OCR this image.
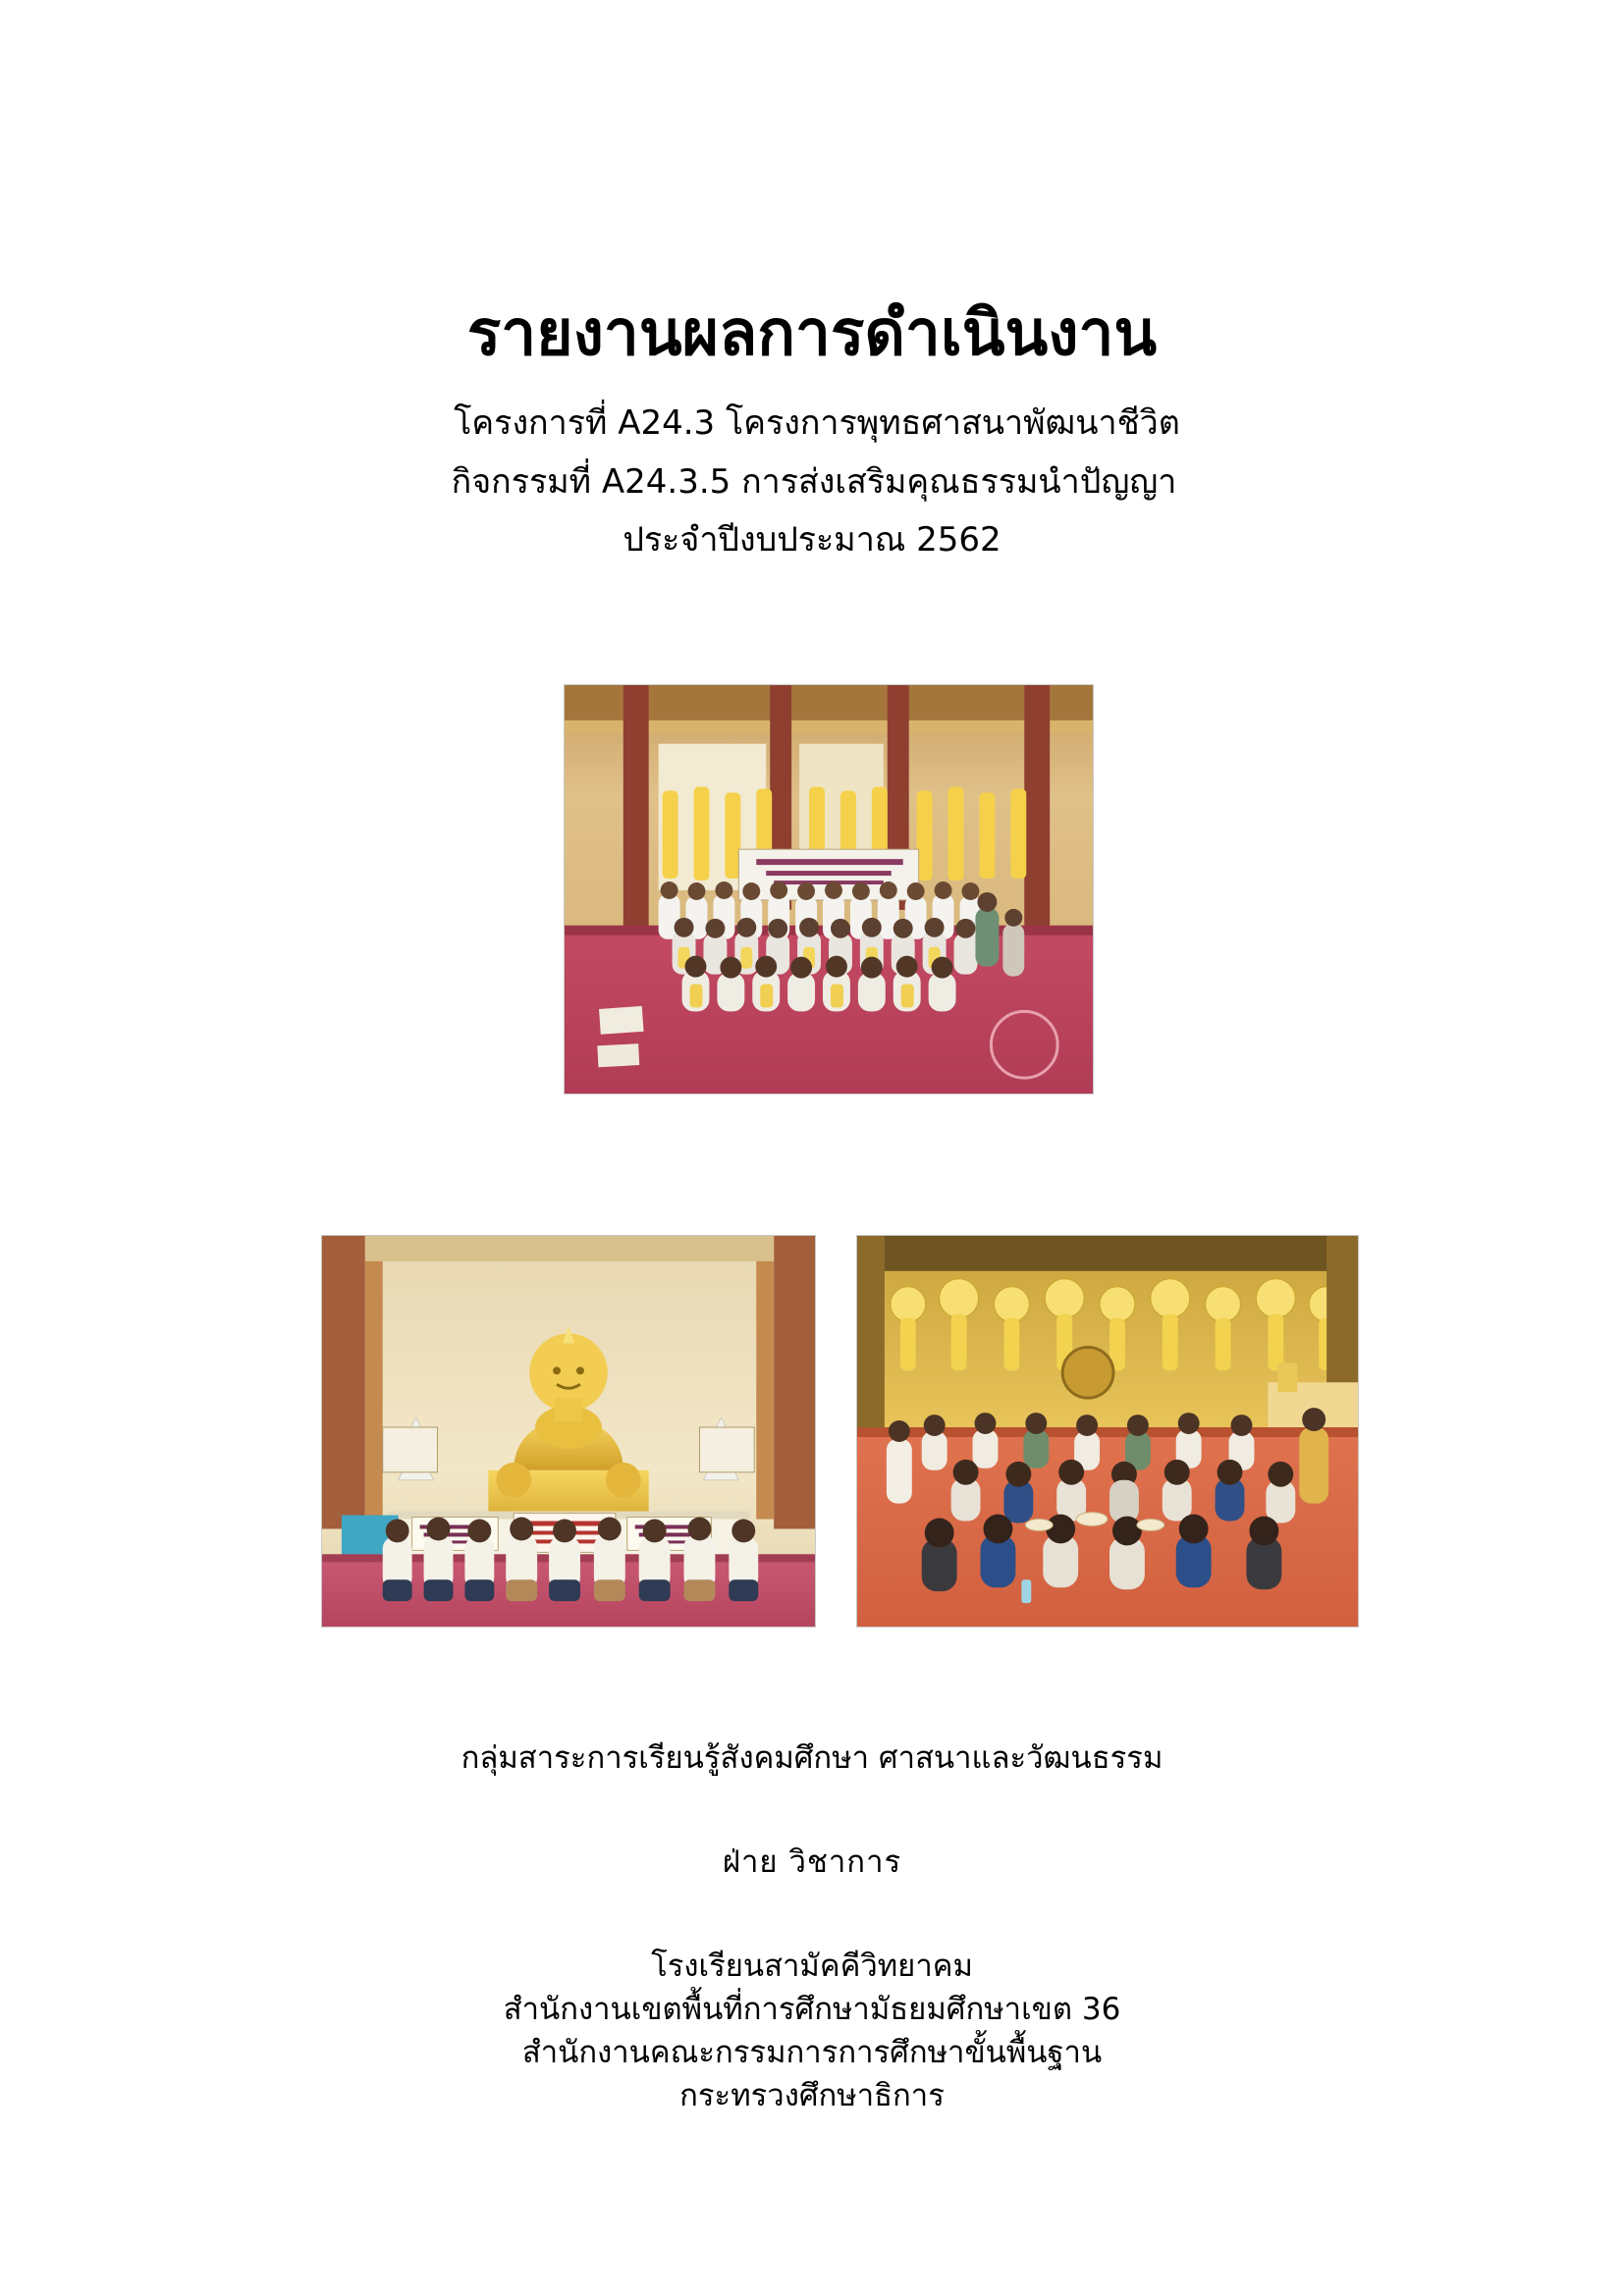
รายงานผลการดำเนินงาน

โครงการที่ A24.3 โครงการพุทธศาสนาพัฒนาชีวิต

กิจกรรมที่ A24.3.5 การส่งเสริมคุณธรรมนำปัญญา

ประจำปีงบประมาณ 2562

กลุ่มสาระการเรียนรู้สังคมศึกษา ศาสนาและวัฒนธรรม

ฝ่าย วิชาการ

โรงเรียนสามัคคีวิทยาคม
สำนักงานเขตพื้นที่การศึกษามัธยมศึกษาเขต 36
สำนักงานคณะกรรมการการศึกษาขั้นพื้นฐาน
กระทรวงศึกษาธิการ
